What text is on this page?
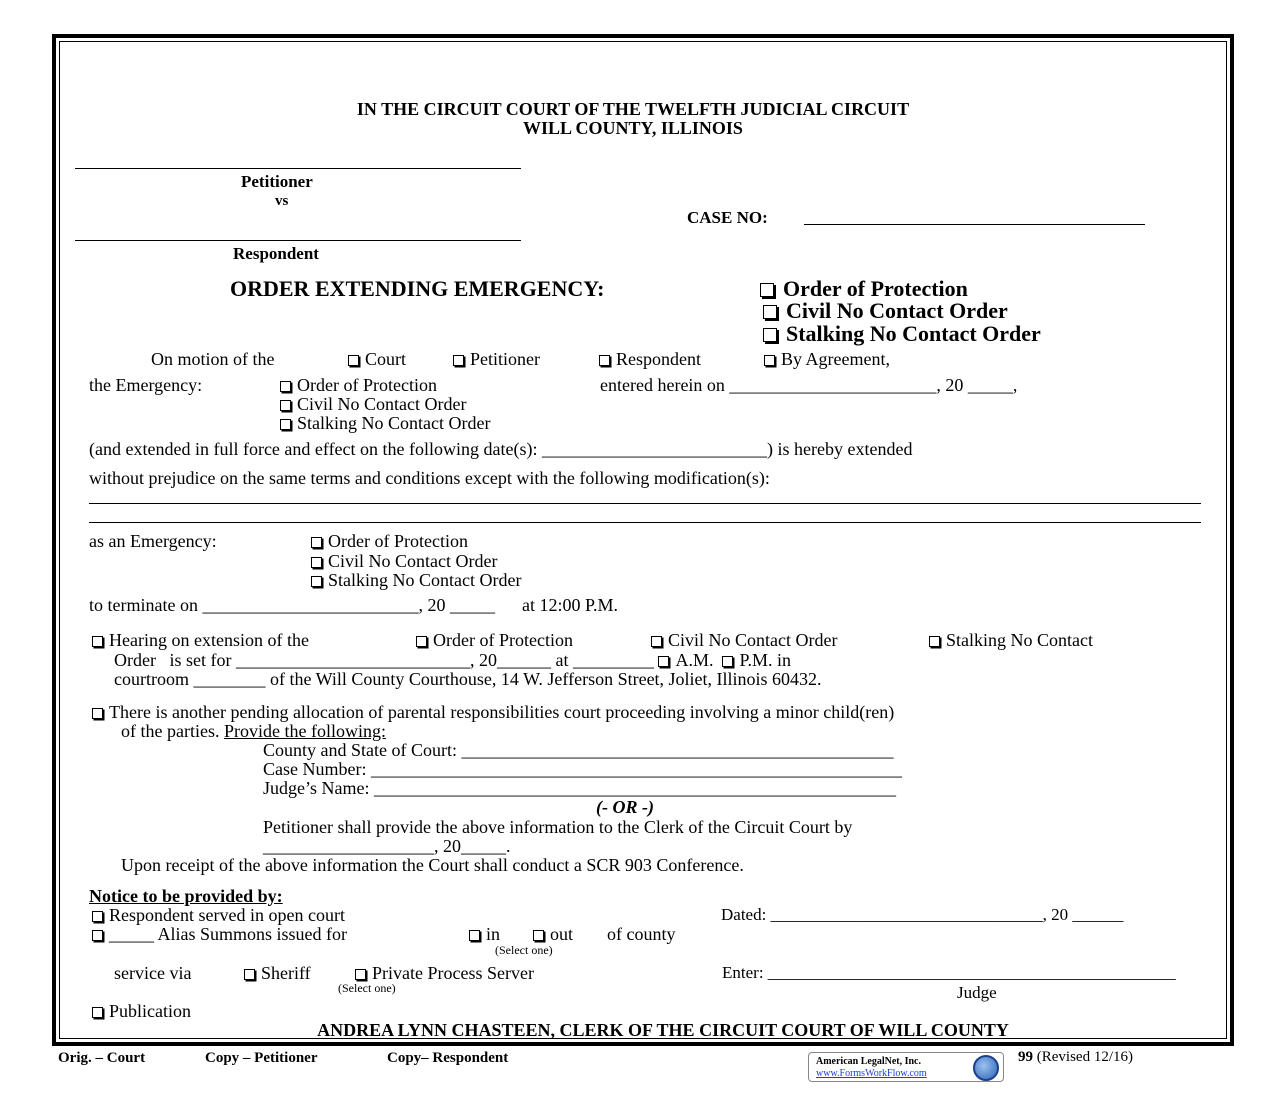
IN THE CIRCUIT COURT OF THE TWELFTH JUDICIAL CIRCUIT
WILL COUNTY, ILLINOIS
Petitioner
vs
CASE NO:
Respondent
ORDER EXTENDING EMERGENCY:	Order of Protection
Civil No Contact Order
Stalking No Contact Order
On motion of the	Court	Petitioner	Respondent	By Agreement,
the Emergency:	Order of Protection
Civil No Contact Order
Stalking No Contact Order
entered herein on _______________________, 20 _____,
(and extended in full force and effect on the following date(s): _________________________) is hereby extended
without prejudice on the same terms and conditions except with the following modification(s):
as an Emergency:	Order of Protection
Civil No Contact Order
Stalking No Contact Order
to terminate on ________________________, 20 _____      at 12:00 P.M.
Hearing on extension of the	Order of Protection	Civil No Contact Order	Stalking No Contact
Order   is set for __________________________, 20______ at _________ A.M. P.M. in
courtroom ________ of the Will County Courthouse, 14 W. Jefferson Street, Joliet, Illinois 60432.
There is another pending allocation of parental responsibilities court proceeding involving a minor child(ren)
of the parties. Provide the following:
County and State of Court: ________________________________________________
Case Number: ___________________________________________________________
Judge’s Name: __________________________________________________________
(- OR -)
Petitioner shall provide the above information to the Clerk of the Circuit Court by
___________________, 20_____.
Upon receipt of the above information the Court shall conduct a SCR 903 Conference.
Notice to be provided by:
Respondent served in open court
_____ Alias Summons issued for	in	out of county
(Select one)
service via	Sheriff	Private Process Server
(Select one)
Publication
Dated: ________________________________, 20 ______
Enter: ________________________________________________
Judge
ANDREA LYNN CHASTEEN, CLERK OF THE CIRCUIT COURT OF WILL COUNTY
Orig. – Court	Copy – Petitioner	Copy– Respondent	American LegalNet, Inc.
www.FormsWorkFlow.com
99 (Revised 12/16)
